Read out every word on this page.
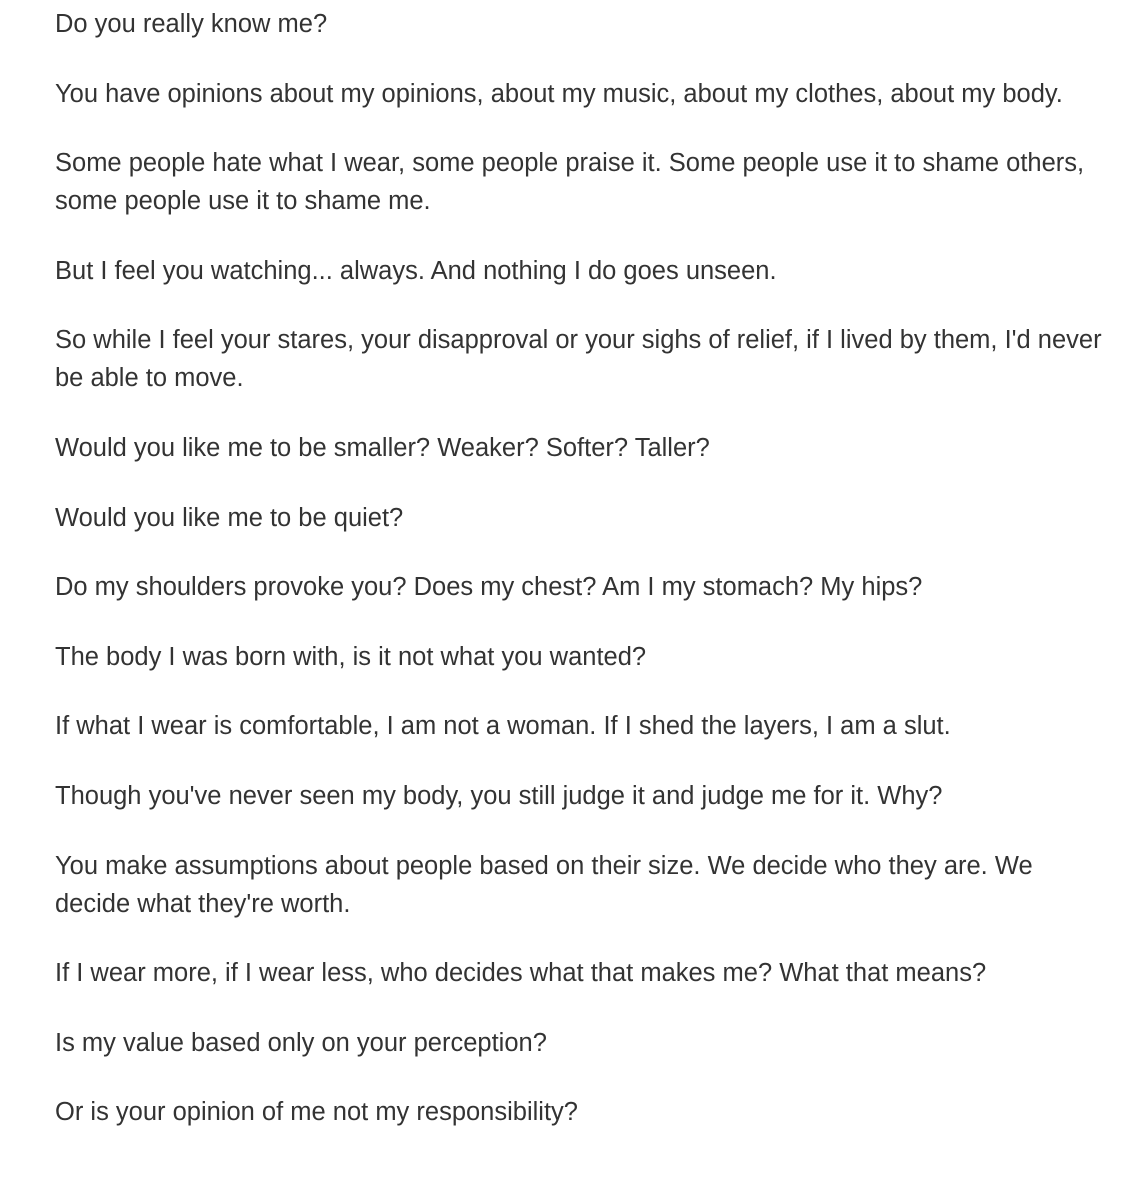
Do you really know me?

You have opinions about my opinions, about my music, about my clothes, about my body.

Some people hate what I wear, some people praise it. Some people use it to shame others, some people use it to shame me.

But I feel you watching... always. And nothing I do goes unseen.

So while I feel your stares, your disapproval or your sighs of relief, if I lived by them, I'd never be able to move.

Would you like me to be smaller? Weaker? Softer? Taller?

Would you like me to be quiet?

Do my shoulders provoke you? Does my chest? Am I my stomach? My hips?

The body I was born with, is it not what you wanted?

If what I wear is comfortable, I am not a woman. If I shed the layers, I am a slut.

Though you've never seen my body, you still judge it and judge me for it. Why?

You make assumptions about people based on their size. We decide who they are. We decide what they're worth.

If I wear more, if I wear less, who decides what that makes me? What that means?

Is my value based only on your perception?

Or is your opinion of me not my responsibility?
